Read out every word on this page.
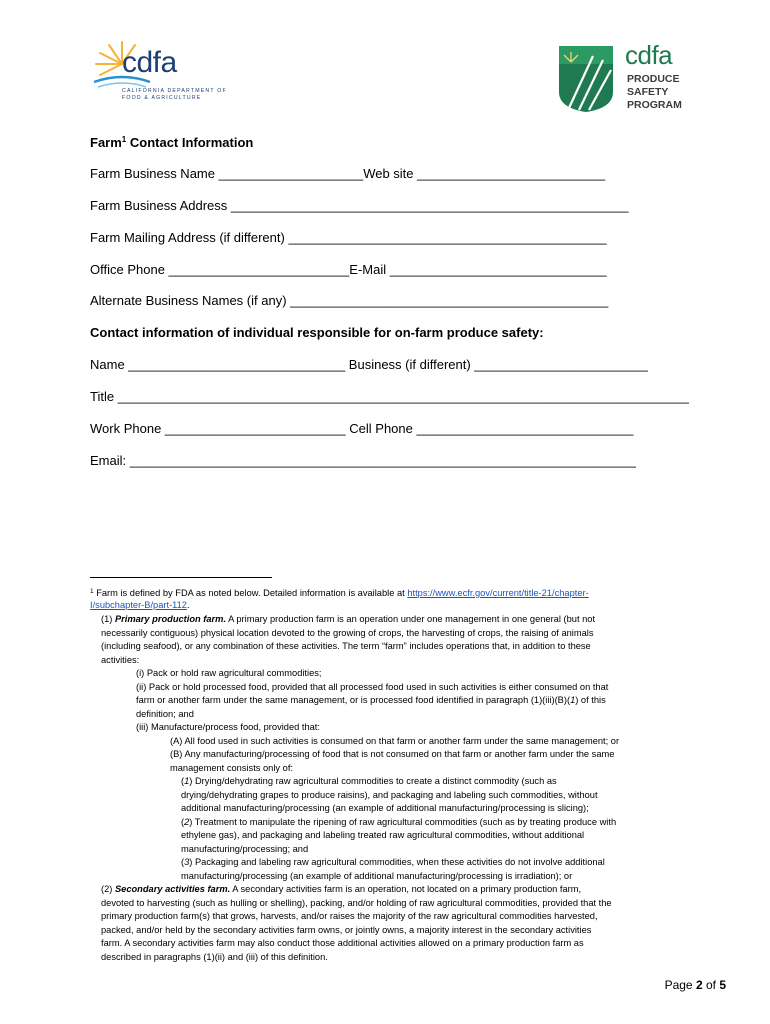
cdfa
CALIFORNIA DEPARTMENT OF
FOOD & AGRICULTURE
cdfa
PRODUCE
SAFETY
PROGRAM
Farm$^1$ Contact Information
Farm Business Name ____________________Web site __________________________
Farm Business Address _______________________________________________________
Farm Mailing Address (if different) ____________________________________________
Office Phone _________________________E-Mail ______________________________
Alternate Business Names (if any) ____________________________________________
Contact information of individual responsible for on-farm produce safety:
Name ______________________________ Business (if different) ________________________
Title _______________________________________________________________________________
Work Phone _________________________ Cell Phone ______________________________
Email: ______________________________________________________________________
$^1$ Farm is defined by FDA as noted below. Detailed information is available at https://www.ecfr.gov/current/title-21/chapter-
I/subchapter-B/part-112.
(1) Primary production farm. A primary production farm is an operation under one management in one general (but not
necessarily contiguous) physical location devoted to the growing of crops, the harvesting of crops, the raising of animals
(including seafood), or any combination of these activities. The term “farm” includes operations that, in addition to these
activities:
(i) Pack or hold raw agricultural commodities;
(ii) Pack or hold processed food, provided that all processed food used in such activities is either consumed on that
farm or another farm under the same management, or is processed food identified in paragraph (1)(iii)(B)(1) of this
definition; and
(iii) Manufacture/process food, provided that:
(A) All food used in such activities is consumed on that farm or another farm under the same management; or
(B) Any manufacturing/processing of food that is not consumed on that farm or another farm under the same
management consists only of:
(1) Drying/dehydrating raw agricultural commodities to create a distinct commodity (such as
drying/dehydrating grapes to produce raisins), and packaging and labeling such commodities, without
additional manufacturing/processing (an example of additional manufacturing/processing is slicing);
(2) Treatment to manipulate the ripening of raw agricultural commodities (such as by treating produce with
ethylene gas), and packaging and labeling treated raw agricultural commodities, without additional
manufacturing/processing; and
(3) Packaging and labeling raw agricultural commodities, when these activities do not involve additional
manufacturing/processing (an example of additional manufacturing/processing is irradiation); or
(2) Secondary activities farm. A secondary activities farm is an operation, not located on a primary production farm,
devoted to harvesting (such as hulling or shelling), packing, and/or holding of raw agricultural commodities, provided that the
primary production farm(s) that grows, harvests, and/or raises the majority of the raw agricultural commodities harvested,
packed, and/or held by the secondary activities farm owns, or jointly owns, a majority interest in the secondary activities
farm. A secondary activities farm may also conduct those additional activities allowed on a primary production farm as
described in paragraphs (1)(ii) and (iii) of this definition.
Page 2 of 5
